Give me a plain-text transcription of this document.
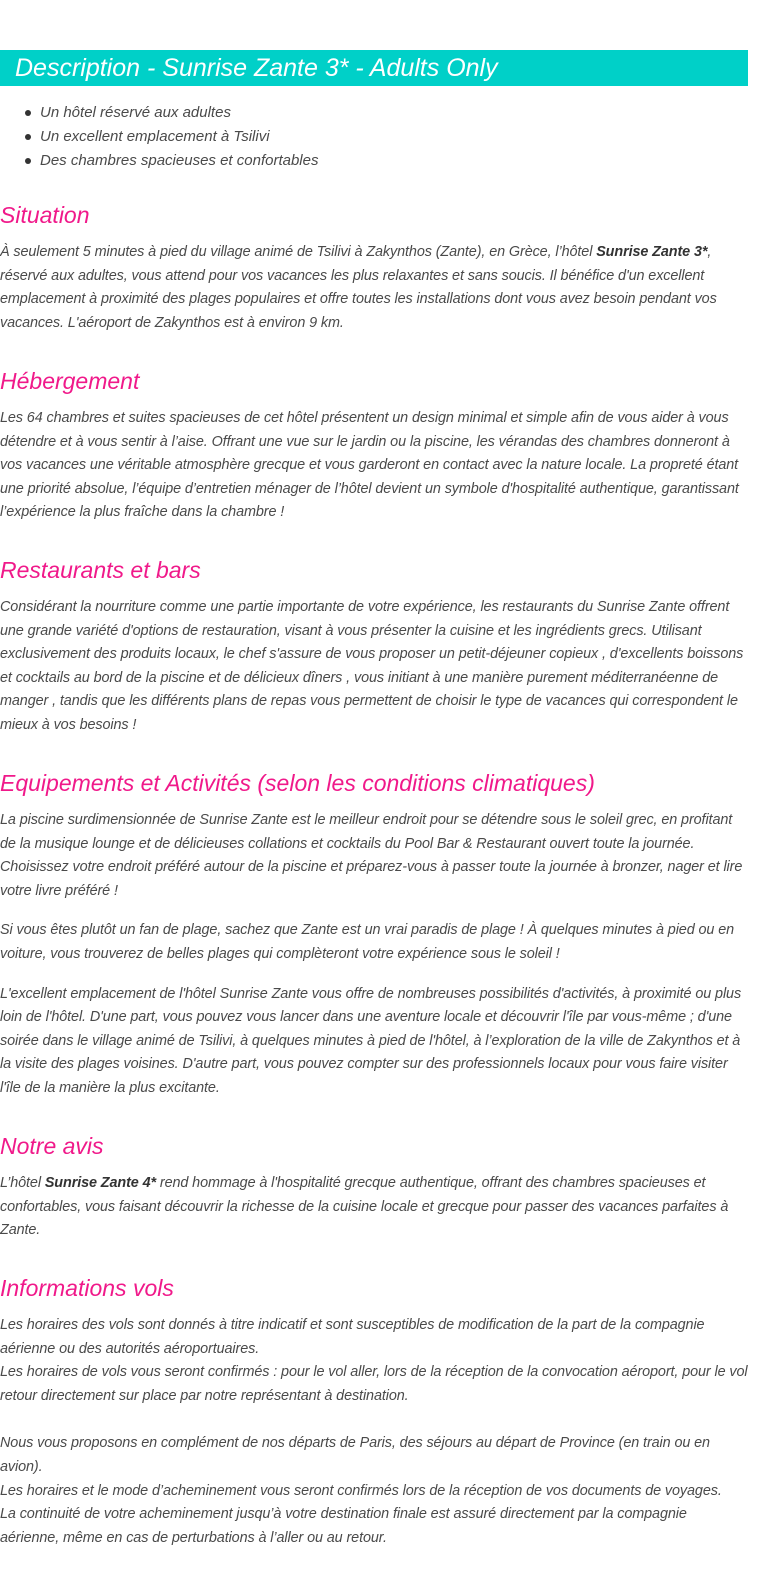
Description - Sunrise Zante 3* - Adults Only
Un hôtel réservé aux adultes
Un excellent emplacement à Tsilivi
Des chambres spacieuses et confortables
Situation

À seulement 5 minutes à pied du village animé de Tsilivi à Zakynthos (Zante), en Grèce, l’hôtel Sunrise Zante 3*, réservé aux adultes, vous attend pour vos vacances les plus relaxantes et sans soucis. Il bénéfice d'un excellent emplacement à proximité des plages populaires et offre toutes les installations dont vous avez besoin pendant vos vacances. L'aéroport de Zakynthos est à environ 9 km.

Hébergement

Les 64 chambres et suites spacieuses de cet hôtel présentent un design minimal et simple afin de vous aider à vous détendre et à vous sentir à l’aise. Offrant une vue sur le jardin ou la piscine, les vérandas des chambres donneront à vos vacances une véritable atmosphère grecque et vous garderont en contact avec la nature locale. La propreté étant une priorité absolue, l’équipe d’entretien ménager de l’hôtel devient un symbole d'hospitalité authentique, garantissant l’expérience la plus fraîche dans la chambre !

Restaurants et bars

Considérant la nourriture comme une partie importante de votre expérience, les restaurants du Sunrise Zante offrent une grande variété d'options de restauration, visant à vous présenter la cuisine et les ingrédients grecs. Utilisant exclusivement des produits locaux, le chef s'assure de vous proposer un petit-déjeuner copieux , d'excellents boissons et cocktails au bord de la piscine et de délicieux dîners , vous initiant à une manière purement méditerranéenne de manger , tandis que les différents plans de repas vous permettent de choisir le type de vacances qui correspondent le mieux à vos besoins !

Equipements et Activités (selon les conditions climatiques)

La piscine surdimensionnée de Sunrise Zante est le meilleur endroit pour se détendre sous le soleil grec, en profitant de la musique lounge et de délicieuses collations et cocktails du Pool Bar & Restaurant ouvert toute la journée. Choisissez votre endroit préféré autour de la piscine et préparez-vous à passer toute la journée à bronzer, nager et lire votre livre préféré !

Si vous êtes plutôt un fan de plage, sachez que Zante est un vrai paradis de plage ! À quelques minutes à pied ou en voiture, vous trouverez de belles plages qui complèteront votre expérience sous le soleil !

L'excellent emplacement de l'hôtel Sunrise Zante vous offre de nombreuses possibilités d'activités, à proximité ou plus loin de l'hôtel. D'une part, vous pouvez vous lancer dans une aventure locale et découvrir l'île par vous-même ; d'une soirée dans le village animé de Tsilivi, à quelques minutes à pied de l'hôtel, à l’exploration de la ville de Zakynthos et à la visite des plages voisines. D'autre part, vous pouvez compter sur des professionnels locaux pour vous faire visiter l'île de la manière la plus excitante.

Notre avis

L’hôtel Sunrise Zante 4* rend hommage à l'hospitalité grecque authentique, offrant des chambres spacieuses et confortables, vous faisant découvrir la richesse de la cuisine locale et grecque pour passer des vacances parfaites à Zante.

Informations vols

Les horaires des vols sont donnés à titre indicatif et sont susceptibles de modification de la part de la compagnie aérienne ou des autorités aéroportuaires.
Les horaires de vols vous seront confirmés : pour le vol aller, lors de la réception de la convocation aéroport, pour le vol retour directement sur place par notre représentant à destination.

Nous vous proposons en complément de nos départs de Paris, des séjours au départ de Province (en train ou en avion).
Les horaires et le mode d’acheminement vous seront confirmés lors de la réception de vos documents de voyages.
La continuité de votre acheminement jusqu’à votre destination finale est assuré directement par la compagnie aérienne, même en cas de perturbations à l’aller ou au retour.
